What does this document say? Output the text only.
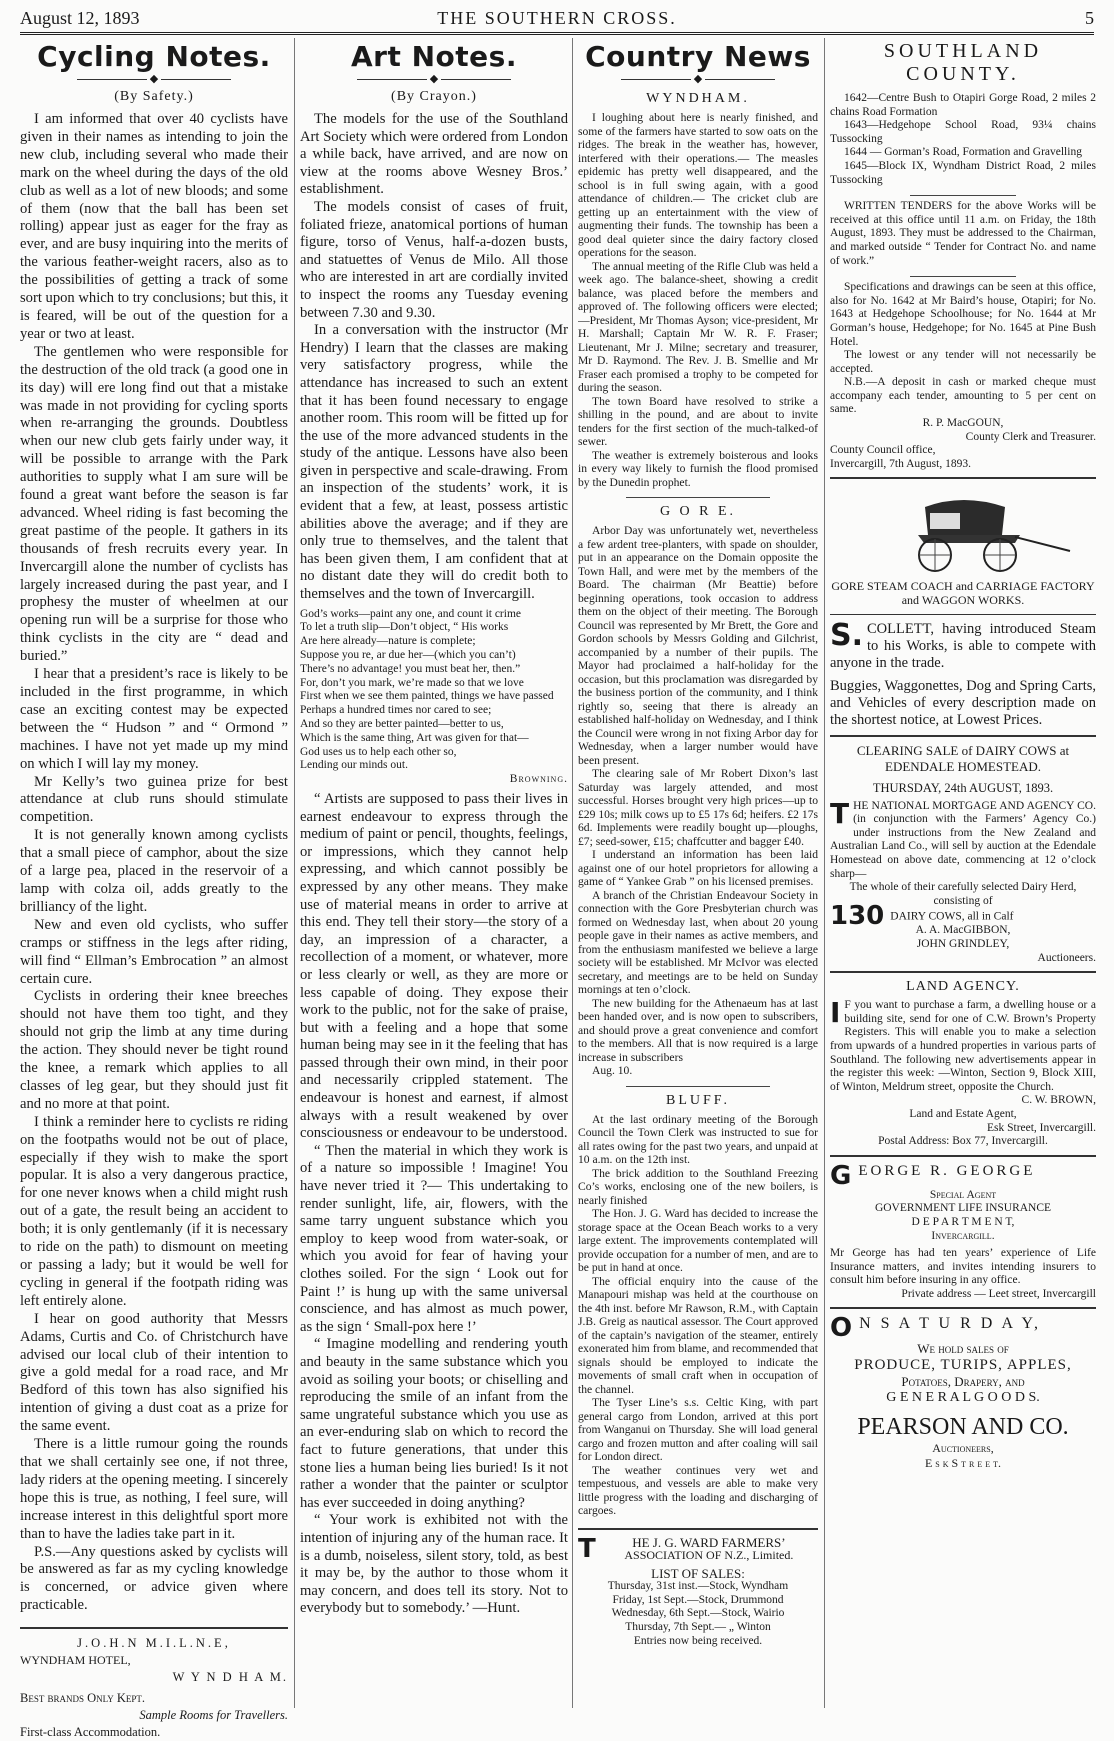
August 12, 1893	THE SOUTHERN CROSS.	5
Cycling Notes.
◆
(By Safety.)

I am informed that over 40 cyclists have given in their names as intending to join the new club, including several who made their mark on the wheel during the days of the old club as well as a lot of new bloods; and some of them (now that the ball has been set rolling) appear just as eager for the fray as ever, and are busy inquiring into the merits of the various feather-weight racers, also as to the possibilities of getting a track of some sort upon which to try conclusions; but this, it is feared, will be out of the question for a year or two at least.

The gentlemen who were responsible for the destruction of the old track (a good one in its day) will ere long find out that a mistake was made in not providing for cycling sports when re-arranging the grounds. Doubtless when our new club gets fairly under way, it will be possible to arrange with the Park authorities to supply what I am sure will be found a great want before the season is far advanced. Wheel riding is fast becoming the great pastime of the people. It gathers in its thousands of fresh recruits every year. In Invercargill alone the number of cyclists has largely increased during the past year, and I prophesy the muster of wheelmen at our opening run will be a surprise for those who think cyclists in the city are “ dead and buried.”

I hear that a president’s race is likely to be included in the first programme, in which case an exciting contest may be expected between the “ Hudson ” and “ Ormond ” machines. I have not yet made up my mind on which I will lay my money.

Mr Kelly’s two guinea prize for best attendance at club runs should stimulate competition.

It is not generally known among cyclists that a small piece of camphor, about the size of a large pea, placed in the reservoir of a lamp with colza oil, adds greatly to the brilliancy of the light.

New and even old cyclists, who suffer cramps or stiffness in the legs after riding, will find “ Ellman’s Embrocation ” an almost certain cure.

Cyclists in ordering their knee breeches should not have them too tight, and they should not grip the limb at any time during the action. They should never be tight round the knee, a remark which applies to all classes of leg gear, but they should just fit and no more at that point.

I think a reminder here to cyclists re riding on the footpaths would not be out of place, especially if they wish to make the sport popular. It is also a very dangerous practice, for one never knows when a child might rush out of a gate, the result being an accident to both; it is only gentlemanly (if it is necessary to ride on the path) to dismount on meeting or passing a lady; but it would be well for cycling in general if the footpath riding was left entirely alone.

I hear on good authority that Messrs Adams, Curtis and Co. of Christchurch have advised our local club of their intention to give a gold medal for a road race, and Mr Bedford of this town has also signified his intention of giving a dust coat as a prize for the same event.

There is a little rumour going the rounds that we shall certainly see one, if not three, lady riders at the opening meeting. I sincerely hope this is true, as nothing, I feel sure, will increase interest in this delightful sport more than to have the ladies take part in it.

P.S.—Any questions asked by cyclists will be answered as far as my cycling knowledge is concerned, or advice given where practicable.

J.O.H.N M.I.L.N.E,
WYNDHAM HOTEL,
W Y N D H A M.
Best brands Only Kept.
Sample Rooms for Travellers.
First-class Accommodation.
Art Notes.
◆
(By Crayon.)

The models for the use of the Southland Art Society which were ordered from London a while back, have arrived, and are now on view at the rooms above Wesney Bros.’ establishment.

The models consist of cases of fruit, foliated frieze, anatomical portions of human figure, torso of Venus, half-a-dozen busts, and statuettes of Venus de Milo. All those who are interested in art are cordially invited to inspect the rooms any Tuesday evening between 7.30 and 9.30.

In a conversation with the instructor (Mr Hendry) I learn that the classes are making very satisfactory progress, while the attendance has increased to such an extent that it has been found necessary to engage another room. This room will be fitted up for the use of the more advanced students in the study of the antique. Lessons have also been given in perspective and scale-drawing. From an inspection of the students’ work, it is evident that a few, at least, possess artistic abilities above the average; and if they are only true to themselves, and the talent that has been given them, I am confident that at no distant date they will do credit both to themselves and the town of Invercargill.

God’s works—paint any one, and count it crime
To let a truth slip—Don’t object, “ His works
Are here already—nature is complete;
Suppose you re, ar due her—(which you can’t)
There’s no advantage! you must beat her, then.”
For, don’t you mark, we’re made so that we love
First when we see them painted, things we have passed
Perhaps a hundred times nor cared to see;
And so they are better painted—better to us,
Which is the same thing, Art was given for that—
God uses us to help each other so,
Lending our minds out.
Browning.

“ Artists are supposed to pass their lives in earnest endeavour to express through the medium of paint or pencil, thoughts, feelings, or impressions, which they cannot help expressing, and which cannot possibly be expressed by any other means. They make use of material means in order to arrive at this end. They tell their story—the story of a day, an impression of a character, a recollection of a moment, or whatever, more or less clearly or well, as they are more or less capable of doing. They expose their work to the public, not for the sake of praise, but with a feeling and a hope that some human being may see in it the feeling that has passed through their own mind, in their poor and necessarily crippled statement. The endeavour is honest and earnest, if almost always with a result weakened by over consciousness or endeavour to be understood.

“ Then the material in which they work is of a nature so impossible ! Imagine! You have never tried it ?— This undertaking to render sunlight, life, air, flowers, with the same tarry unguent substance which you employ to keep wood from water-soak, or which you avoid for fear of having your clothes soiled. For the sign ‘ Look out for Paint !’ is hung up with the same universal conscience, and has almost as much power, as the sign ‘ Small-pox here !’

“ Imagine modelling and rendering youth and beauty in the same substance which you avoid as soiling your boots; or chiselling and reproducing the smile of an infant from the same ungrateful substance which you use as an ever-enduring slab on which to record the fact to future generations, that under this stone lies a human being lies buried! Is it not rather a wonder that the painter or sculptor has ever succeeded in doing anything?

“ Your work is exhibited not with the intention of injuring any of the human race. It is a dumb, noiseless, silent story, told, as best it may be, by the author to those whom it may concern, and does tell its story. Not to everybody but to somebody.’ —Hunt.

Country News
◆
WYNDHAM.

I loughing about here is nearly finished, and some of the farmers have started to sow oats on the ridges. The break in the weather has, however, interfered with their operations.— The measles epidemic has pretty well disappeared, and the school is in full swing again, with a good attendance of children.— The cricket club are getting up an entertainment with the view of augmenting their funds. The township has been a good deal quieter since the dairy factory closed operations for the season.

The annual meeting of the Rifle Club was held a week ago. The balance-sheet, showing a credit balance, was placed before the members and approved of. The following officers were elected; —President, Mr Thomas Ayson; vice-president, Mr H. Marshall; Captain Mr W. R. F. Fraser; Lieutenant, Mr J. Milne; secretary and treasurer, Mr D. Raymond. The Rev. J. B. Smellie and Mr Fraser each promised a trophy to be competed for during the season.

The town Board have resolved to strike a shilling in the pound, and are about to invite tenders for the first section of the much-talked-of sewer.

The weather is extremely boisterous and looks in every way likely to furnish the flood promised by the Dunedin prophet.

G O R E.

Arbor Day was unfortunately wet, nevertheless a few ardent tree-planters, with spade on shoulder, put in an appearance on the Domain opposite the Town Hall, and were met by the members of the Board. The chairman (Mr Beattie) before beginning operations, took occasion to address them on the object of their meeting. The Borough Council was represented by Mr Brett, the Gore and Gordon schools by Messrs Golding and Gilchrist, accompanied by a number of their pupils. The Mayor had proclaimed a half-holiday for the occasion, but this proclamation was disregarded by the business portion of the community, and I think rightly so, seeing that there is already an established half-holiday on Wednesday, and I think the Council were wrong in not fixing Arbor day for Wednesday, when a larger number would have been present.

The clearing sale of Mr Robert Dixon’s last Saturday was largely attended, and most successful. Horses brought very high prices—up to £29 10s; milk cows up to £5 17s 6d; heifers. £2 17s 6d. Implements were readily bought up—ploughs, £7; seed-sower, £15; chaffcutter and bagger £40.

I understand an information has been laid against one of our hotel proprietors for allowing a game of “ Yankee Grab ” on his licensed premises.

A branch of the Christian Endeavour Society in connection with the Gore Presbyterian church was formed on Wednesday last, when about 20 young people gave in their names as active members, and from the enthusiasm manifested we believe a large society will be established. Mr McIvor was elected secretary, and meetings are to be held on Sunday mornings at ten o’clock.

The new building for the Athenaeum has at last been handed over, and is now open to subscribers, and should prove a great convenience and comfort to the members. All that is now required is a large increase in subscribers

Aug. 10.

BLUFF.

At the last ordinary meeting of the Borough Council the Town Clerk was instructed to sue for all rates owing for the past two years, and unpaid at 10 a.m. on the 12th inst.

The brick addition to the Southland Freezing Co’s works, enclosing one of the new boilers, is nearly finished

The Hon. J. G. Ward has decided to increase the storage space at the Ocean Beach works to a very large extent. The improvements contemplated will provide occupation for a number of men, and are to be put in hand at once.

The official enquiry into the cause of the Manapouri mishap was held at the courthouse on the 4th inst. before Mr Rawson, R.M., with Captain J.B. Greig as nautical assessor. The Court approved of the captain’s navigation of the steamer, entirely exonerated him from blame, and recommended that signals should be employed to indicate the movements of small craft when in occupation of the channel.

The Tyser Line’s s.s. Celtic King, with part general cargo from London, arrived at this port from Wanganui on Thursday. She will load general cargo and frozen mutton and after coaling will sail for London direct.

The weather continues very wet and tempestuous, and vessels are able to make very little progress with the loading and discharging of cargoes.

T	HE J. G. WARD FARMERS’
ASSOCIATION OF N.Z., Limited.
LIST OF SALES:
Thursday, 31st inst.—Stock, Wyndham
Friday, 1st Sept.—Stock, Drummond
Wednesday, 6th Sept.—Stock, Wairio
Thursday, 7th Sept.— „ Winton
Entries now being received.
SOUTHLAND COUNTY.

1642—Centre Bush to Otapiri Gorge Road, 2 miles 2 chains Road Formation

1643—Hedgehope School Road, 93¼ chains Tussocking

1644 — Gorman’s Road, Formation and Gravelling

1645—Block IX, Wyndham District Road, 2 miles Tussocking

WRITTEN TENDERS for the above Works will be received at this office until 11 a.m. on Friday, the 18th August, 1893. They must be addressed to the Chairman, and marked outside “ Tender for Contract No. and name of work.”

Specifications and drawings can be seen at this office, also for No. 1642 at Mr Baird’s house, Otapiri; for No. 1643 at Hedgehope Schoolhouse; for No. 1644 at Mr Gorman’s house, Hedgehope; for No. 1645 at Pine Bush Hotel.

The lowest or any tender will not necessarily be accepted.

N.B.—A deposit in cash or marked cheque must accompany each tender, amounting to 5 per cent on same.

R. P. MacGOUN,
County Clerk and Treasurer.
County Council office,
Invercargill, 7th August, 1893.
GORE STEAM COACH and CARRIAGE FACTORY and WAGGON WORKS.
S. COLLETT, having introduced Steam to his Works, is able to compete with anyone in the trade.
Buggies, Waggonettes, Dog and Spring Carts, and Vehicles of every description made on the shortest notice, at Lowest Prices.
CLEARING SALE of DAIRY COWS at EDENDALE HOMESTEAD.
THURSDAY, 24th AUGUST, 1893.
THE NATIONAL MORTGAGE AND AGENCY CO. (in conjunction with the Farmers’ Agency Co.) under instructions from the New Zealand and Australian Land Co., will sell by auction at the Edendale Homestead on above date, commencing at 12 o’clock sharp—
The whole of their carefully selected Dairy Herd, consisting of
130 DAIRY COWS, all in Calf
A. A. MacGIBBON,
JOHN GRINDLEY,
Auctioneers.
LAND AGENCY.
I F you want to purchase a farm, a dwelling house or a building site, send for one of C.W. Brown’s Property Registers. This will enable you to make a selection from upwards of a hundred properties in various parts of Southland. The following new advertisements appear in the register this week: —Winton, Section 9, Block XIII, of Winton, Meldrum street, opposite the Church.
C. W. BROWN,
Land and Estate Agent,
Esk Street, Invercargill.
Postal Address: Box 77, Invercargill.
GEORGE R. GEORGE
Special Agent
GOVERNMENT LIFE INSURANCE
D E P A R T M E N T,
Invercargill.
Mr George has had ten years’ experience of Life Insurance matters, and invites intending insurers to consult him before insuring in any office.
Private address — Leet street, Invercargill
O N S A T U R D A Y,
We hold sales of
PRODUCE, TURIPS, APPLES,
Potatoes, Drapery, and
G E N E R A L G O O D S.
PEARSON AND CO.
Auctioneers,
E s k S t r e e t.
